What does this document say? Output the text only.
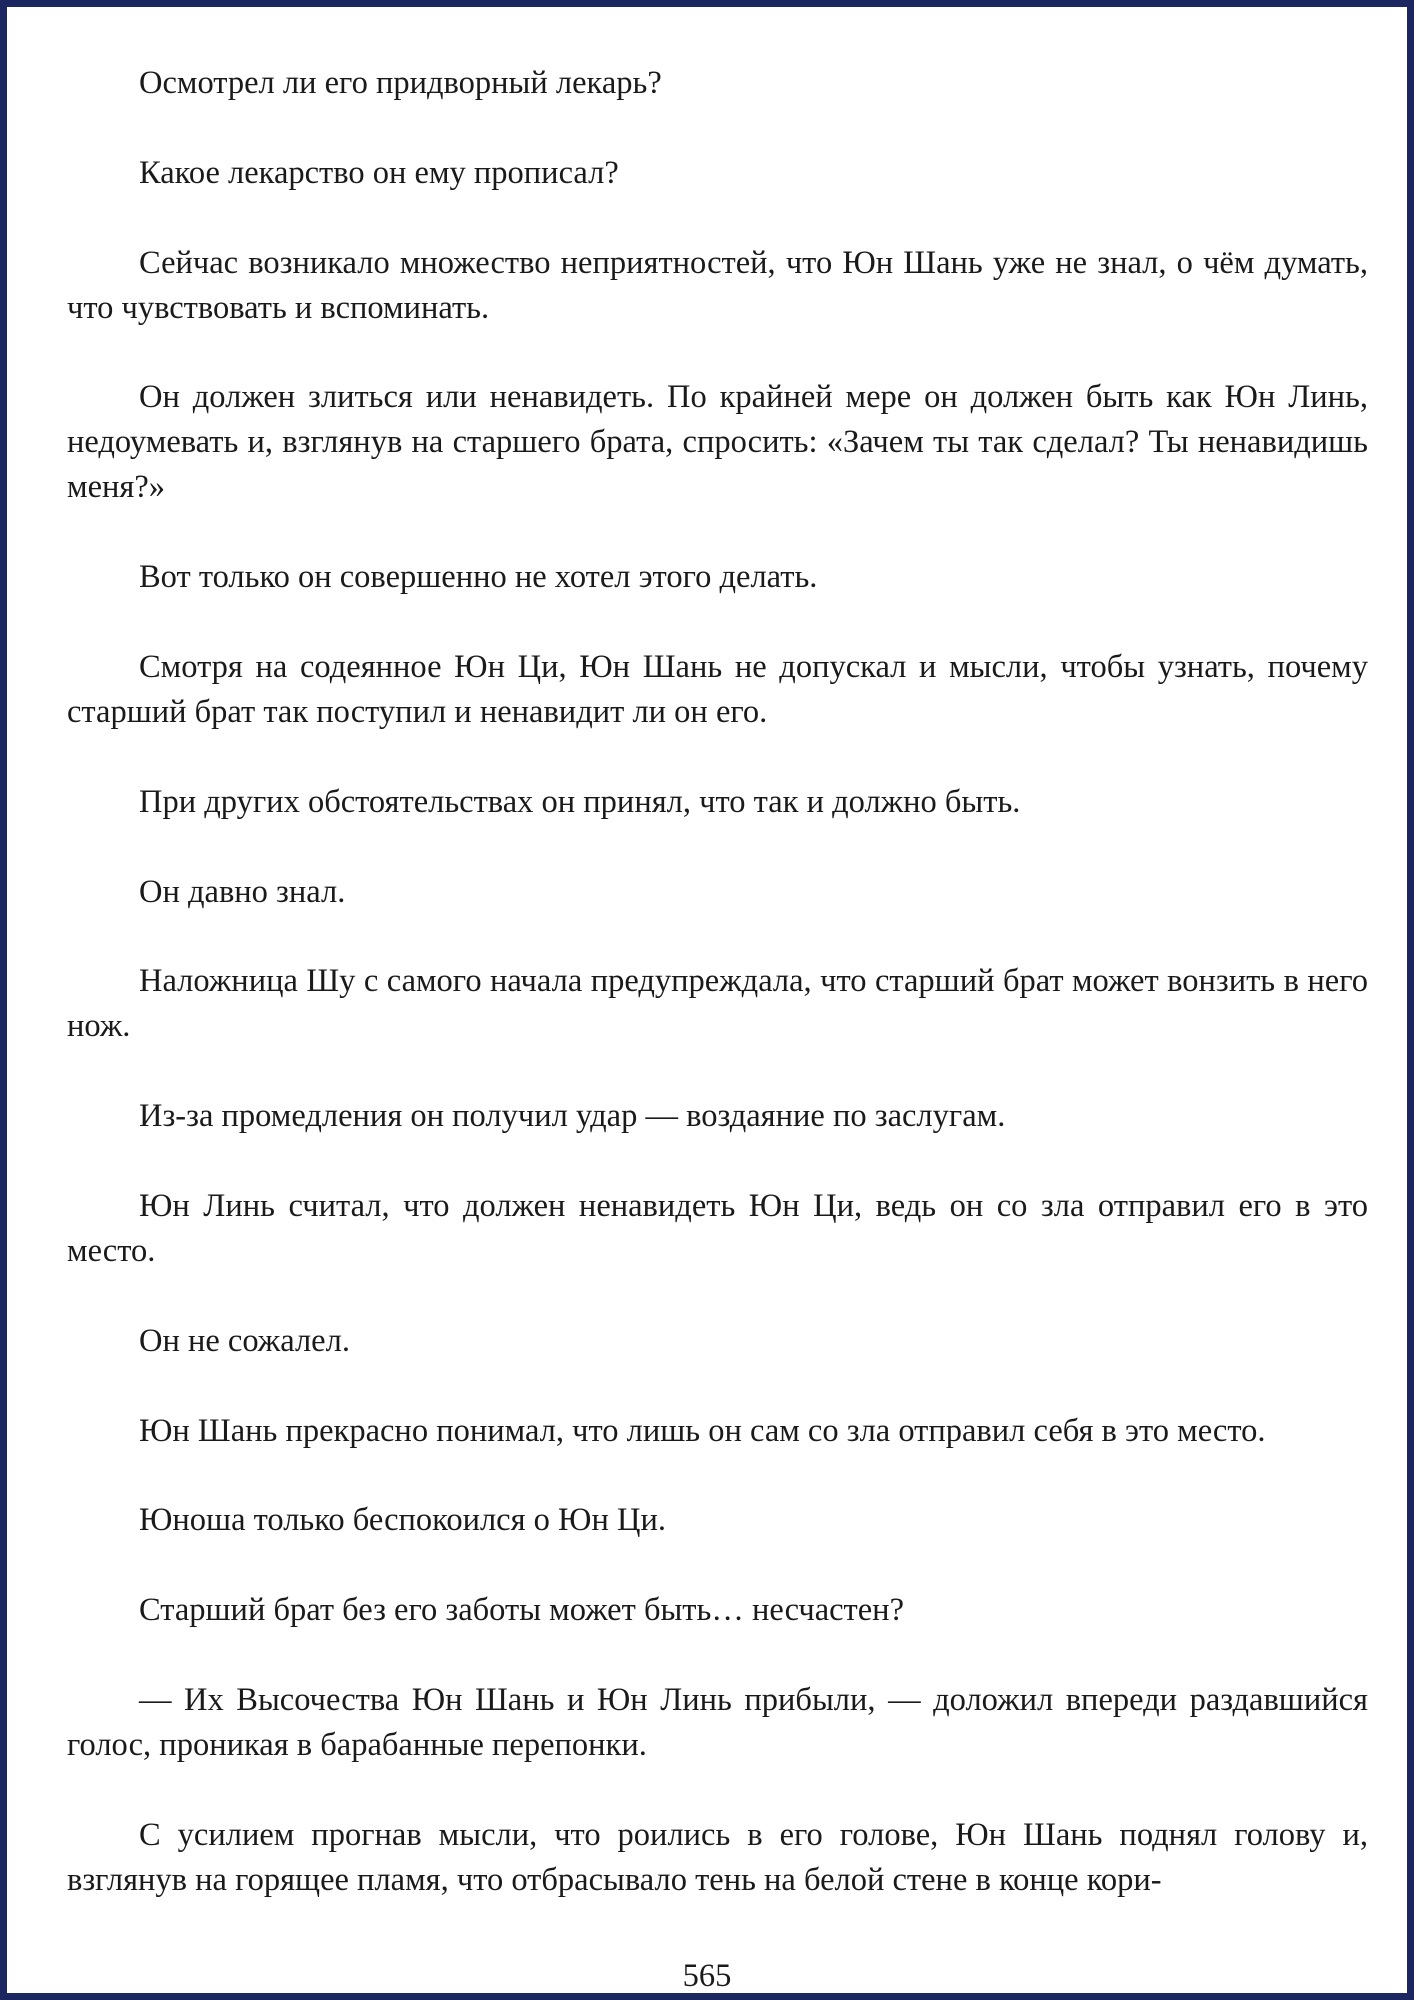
Осмотрел ли его придворный лекарь?

Какое лекарство он ему прописал?

Сейчас возникало множество неприятностей, что Юн Шань уже не знал, о чём думать, что чувствовать и вспоминать.

Он должен злиться или ненавидеть. По крайней мере он должен быть как Юн Линь, недоумевать и, взглянув на старшего брата, спросить: «Зачем ты так сделал? Ты ненавидишь меня?»

Вот только он совершенно не хотел этого делать.

Смотря на содеянное Юн Ци, Юн Шань не допускал и мысли, чтобы узнать, почему старший брат так поступил и ненавидит ли он его.

При других обстоятельствах он принял, что так и должно быть.

Он давно знал.

Наложница Шу с самого начала предупреждала, что старший брат может вонзить в него нож.

Из-за промедления он получил удар — воздаяние по заслугам.

Юн Линь считал, что должен ненавидеть Юн Ци, ведь он со зла отправил его в это место.

Он не сожалел.

Юн Шань прекрасно понимал, что лишь он сам со зла отправил себя в это место.

Юноша только беспокоился о Юн Ци.

Старший брат без его заботы может быть… несчастен?

— Их Высочества Юн Шань и Юн Линь прибыли, — доложил впереди раздавшийся голос, проникая в барабанные перепонки.

С усилием прогнав мысли, что роились в его голове, Юн Шань поднял голову и, взглянув на горящее пламя, что отбрасывало тень на белой стене в конце кори-

565
